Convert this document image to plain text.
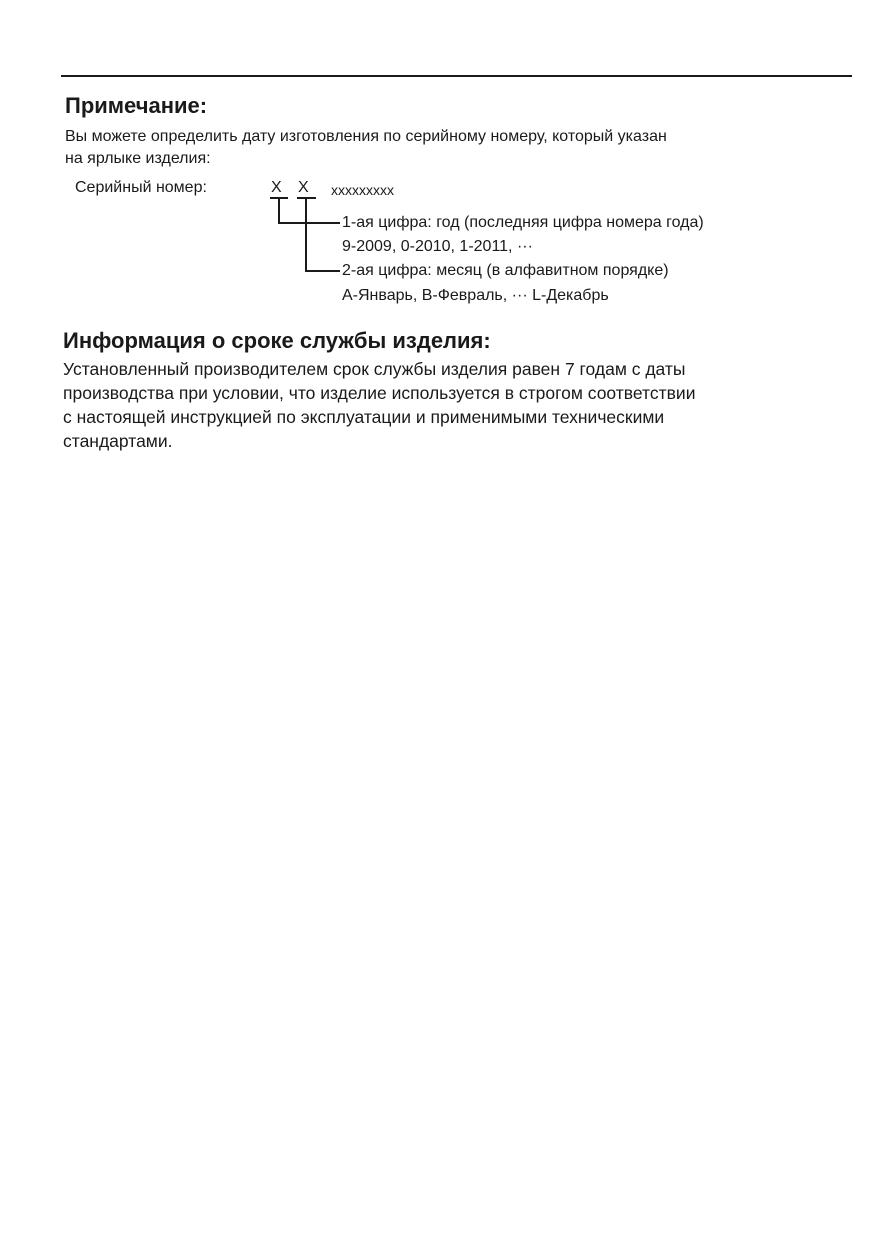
Примечание:
Вы можете определить дату изготовления по серийному номеру, который указан
на ярлыке изделия:
Серийный номер:	X X xxxxxxxxx
1-ая цифра: год (последняя цифра номера года)
9-2009, 0-2010, 1-2011, ···
2-ая цифра: месяц (в алфавитном порядке)
A-Январь, B-Февраль, ··· L-Декабрь
Информация о сроке службы изделия:
Установленный производителем срок службы изделия равен 7 годам с даты
производства при условии, что изделие используется в строгом соответствии
с настоящей инструкцией по эксплуатации и применимыми техническими
стандартами.
